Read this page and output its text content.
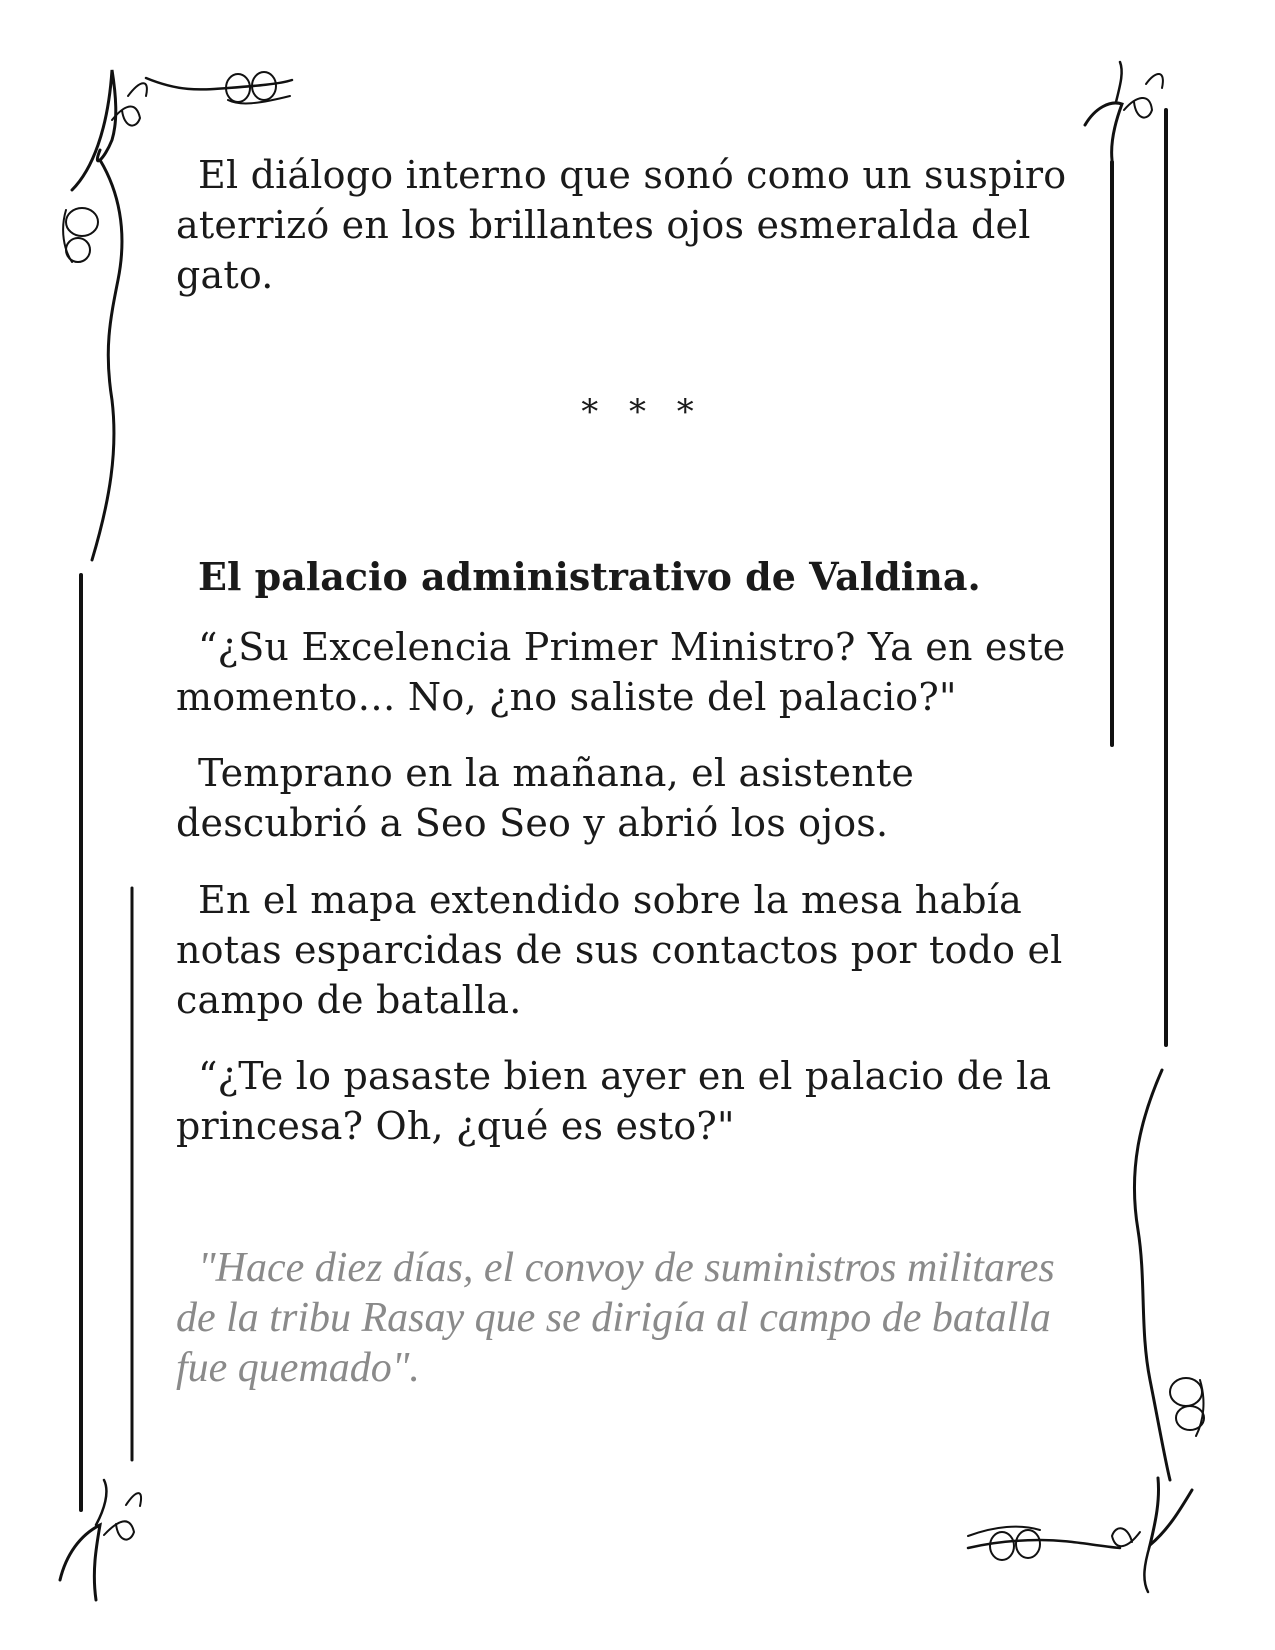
El diálogo interno que sonó como un suspiro aterrizó en los brillantes ojos esmeralda del gato.

* * *
El palacio administrativo de Valdina.

“¿Su Excelencia Primer Ministro? Ya en este momento… No, ¿no saliste del palacio?"

Temprano en la mañana, el asistente descubrió a Seo Seo y abrió los ojos.

En el mapa extendido sobre la mesa había notas esparcidas de sus contactos por todo el campo de batalla.

“¿Te lo pasaste bien ayer en el palacio de la princesa? Oh, ¿qué es esto?"

"Hace diez días, el convoy de suministros militares de la tribu Rasay que se dirigía al campo de batalla fue quemado".
